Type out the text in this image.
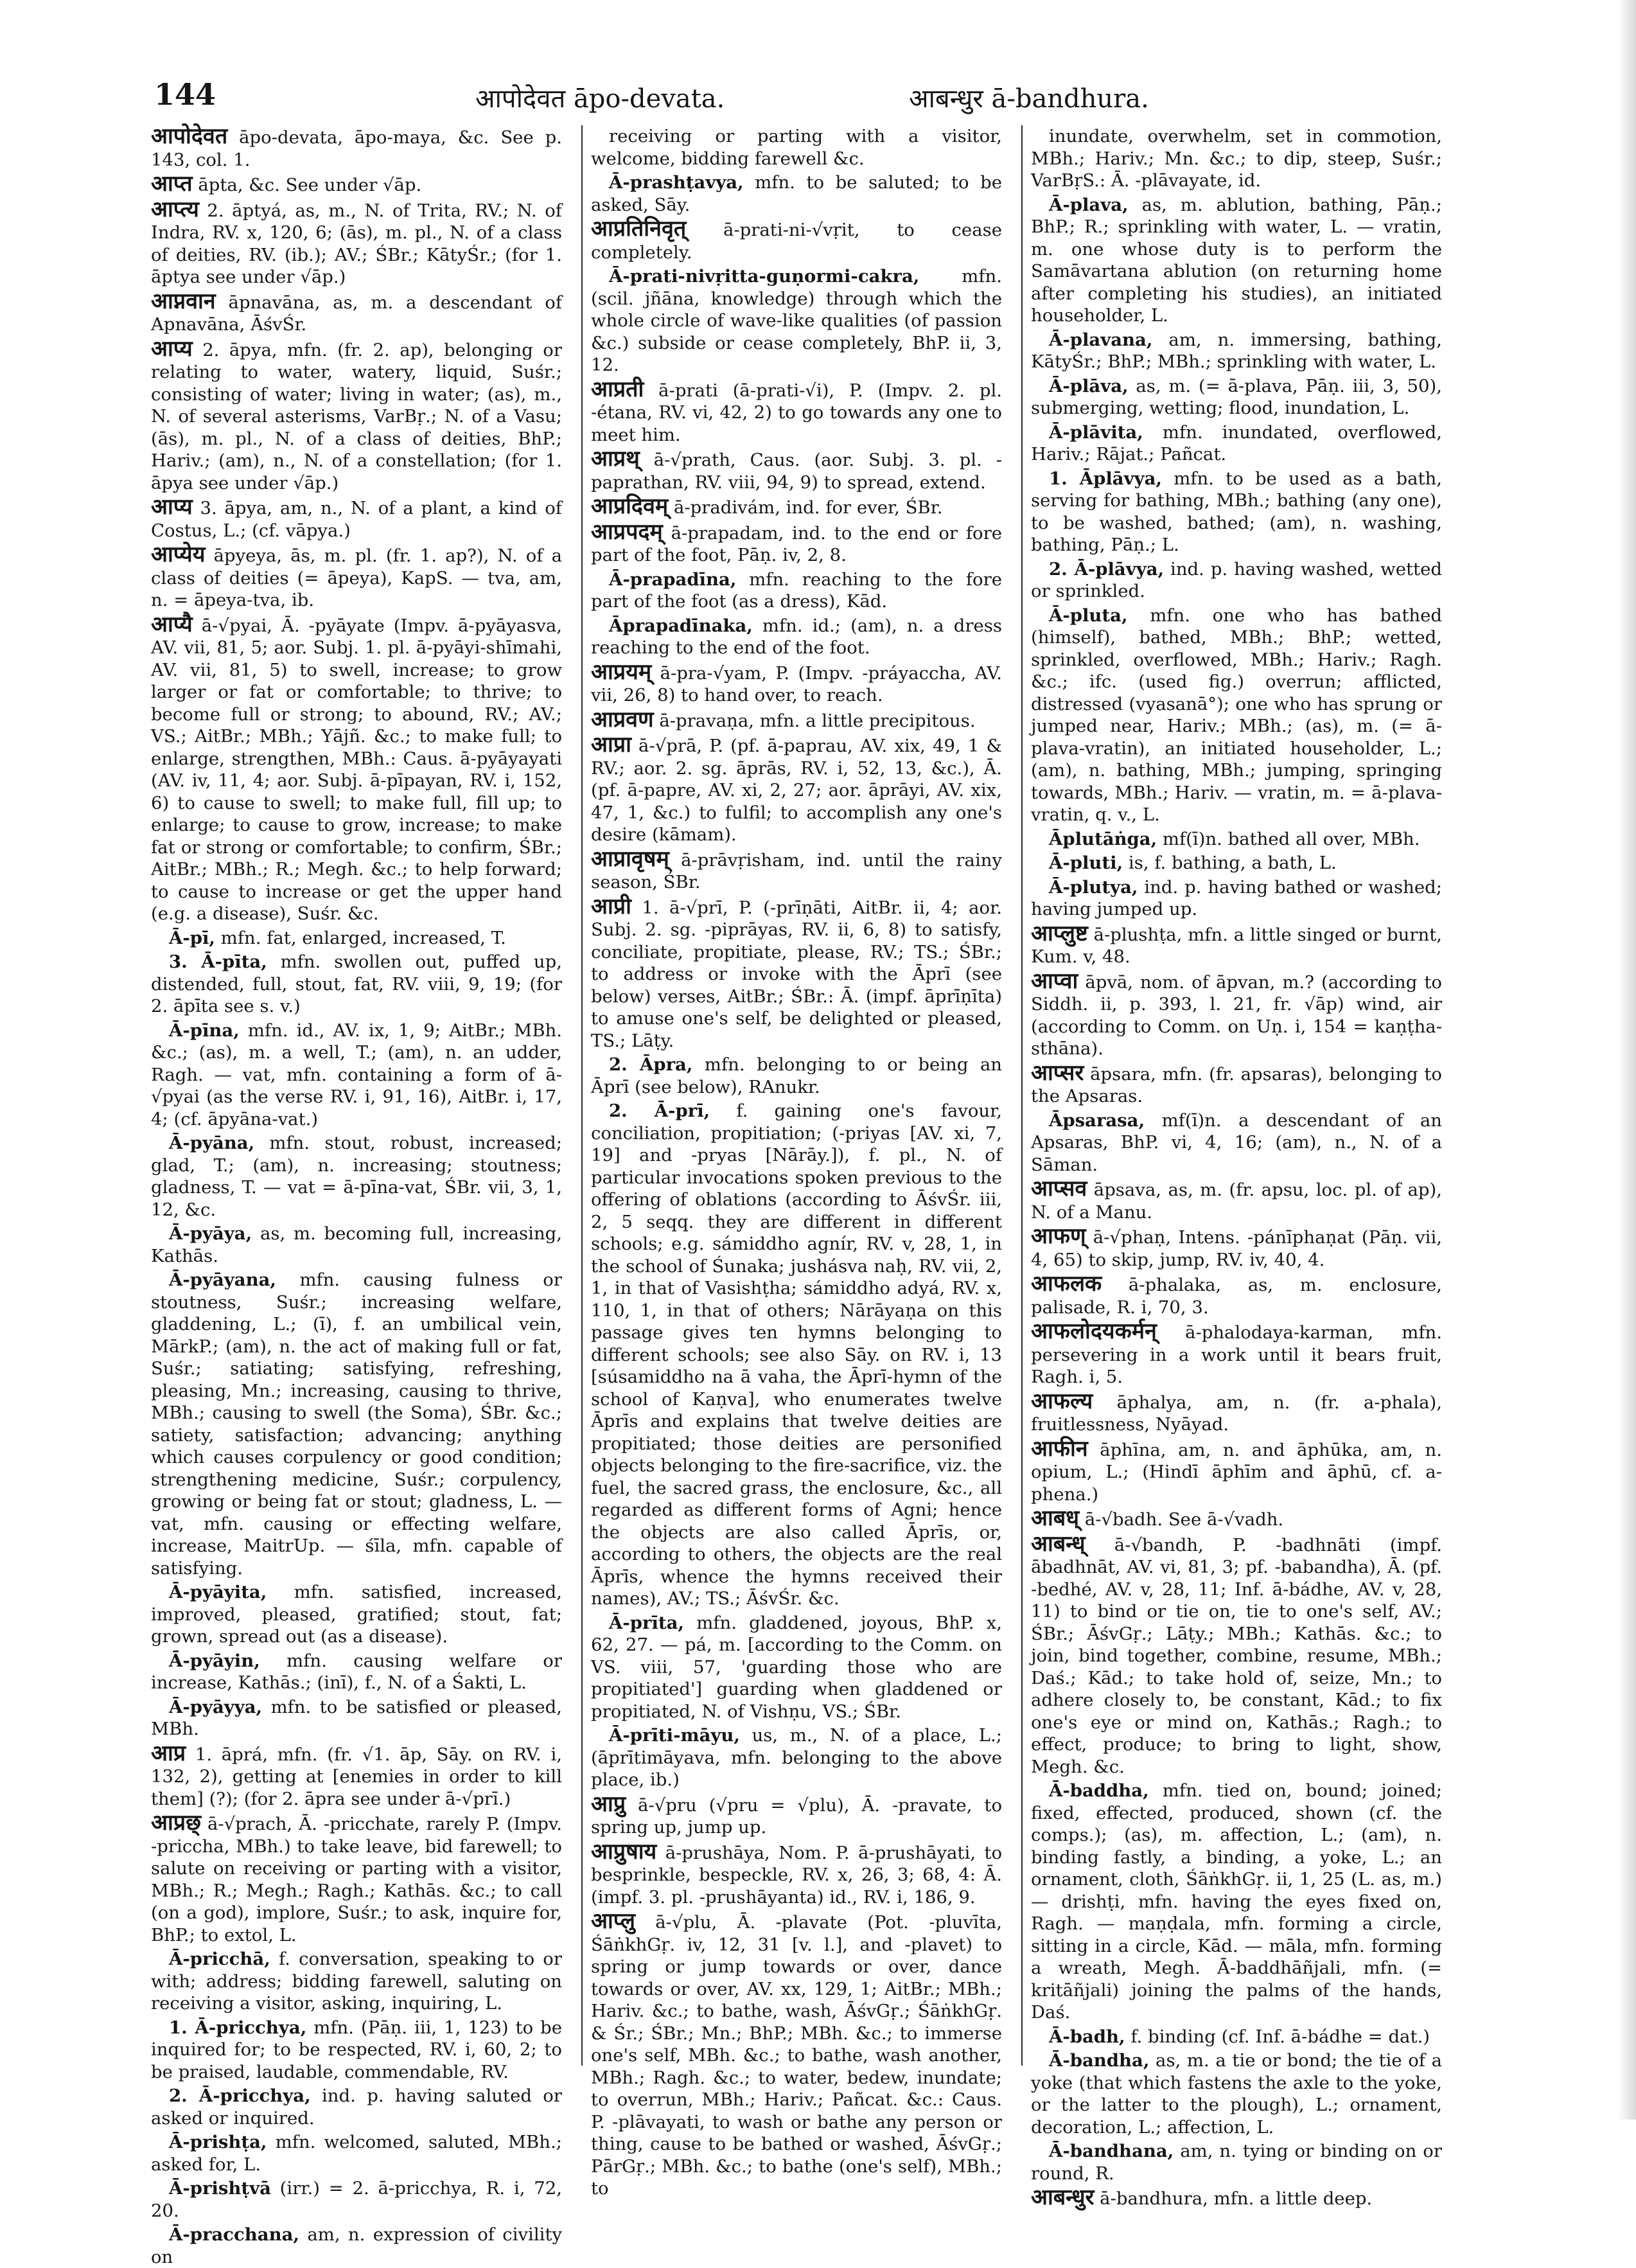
144	आपोदेवत āpo-devata.	आबन्धुर ā-bandhura.

आपोदेवत āpo-devata, āpo-maya, &c. See p. 143, col. 1.

आप्त āpta, &c. See under √āp.

आप्त्य 2. āptyá, as, m., N. of Trita, RV.; N. of Indra, RV. x, 120, 6; (ās), m. pl., N. of a class of deities, RV. (ib.); AV.; ŚBr.; KātyŚr.; (for 1. āptya see under √āp.)

आप्नवान āpnavāna, as, m. a descendant of Apnavāna, ĀśvŚr.

आप्य 2. āpya, mfn. (fr. 2. ap), belonging or relating to water, watery, liquid, Suśr.; consisting of water; living in water; (as), m., N. of several asterisms, VarBṛ.; N. of a Vasu; (ās), m. pl., N. of a class of deities, BhP.; Hariv.; (am), n., N. of a constellation; (for 1. āpya see under √āp.)

आप्य 3. āpya, am, n., N. of a plant, a kind of Costus, L.; (cf. vāpya.)

आप्येय āpyeya, ās, m. pl. (fr. 1. ap?), N. of a class of deities (= āpeya), KapS. — tva, am, n. = āpeya-tva, ib.

आप्यै ā-√pyai, Ā. -pyāyate (Impv. ā-pyāyasva, AV. vii, 81, 5; aor. Subj. 1. pl. ā-pyāyi-shīmahi, AV. vii, 81, 5) to swell, increase; to grow larger or fat or comfortable; to thrive; to become full or strong; to abound, RV.; AV.; VS.; AitBr.; MBh.; Yājñ. &c.; to make full; to enlarge, strengthen, MBh.: Caus. ā-pyāyayati (AV. iv, 11, 4; aor. Subj. ā-pīpayan, RV. i, 152, 6) to cause to swell; to make full, fill up; to enlarge; to cause to grow, increase; to make fat or strong or comfortable; to confirm, ŚBr.; AitBr.; MBh.; R.; Megh. &c.; to help forward; to cause to increase or get the upper hand (e.g. a disease), Suśr. &c.

Ā-pī, mfn. fat, enlarged, increased, T.

3. Ā-pīta, mfn. swollen out, puffed up, distended, full, stout, fat, RV. viii, 9, 19; (for 2. āpīta see s. v.)

Ā-pīna, mfn. id., AV. ix, 1, 9; AitBr.; MBh. &c.; (as), m. a well, T.; (am), n. an udder, Ragh. — vat, mfn. containing a form of ā-√pyai (as the verse RV. i, 91, 16), AitBr. i, 17, 4; (cf. āpyāna-vat.)

Ā-pyāna, mfn. stout, robust, increased; glad, T.; (am), n. increasing; stoutness; gladness, T. — vat = ā-pīna-vat, ŚBr. vii, 3, 1, 12, &c.

Ā-pyāya, as, m. becoming full, increasing, Kathās.

Ā-pyāyana, mfn. causing fulness or stoutness, Suśr.; increasing welfare, gladdening, L.; (ī), f. an umbilical vein, MārkP.; (am), n. the act of making full or fat, Suśr.; satiating; satisfying, refreshing, pleasing, Mn.; increasing, causing to thrive, MBh.; causing to swell (the Soma), ŚBr. &c.; satiety, satisfaction; advancing; anything which causes corpulency or good condition; strengthening medicine, Suśr.; corpulency, growing or being fat or stout; gladness, L. — vat, mfn. causing or effecting welfare, increase, MaitrUp. — śīla, mfn. capable of satisfying.

Ā-pyāyita, mfn. satisfied, increased, improved, pleased, gratified; stout, fat; grown, spread out (as a disease).

Ā-pyāyin, mfn. causing welfare or increase, Kathās.; (inī), f., N. of a Śakti, L.

Ā-pyāyya, mfn. to be satisfied or pleased, MBh.

आप्र 1. āprá, mfn. (fr. √1. āp, Sāy. on RV. i, 132, 2), getting at [enemies in order to kill them] (?); (for 2. āpra see under ā-√prī.)

आप्रछ् ā-√prach, Ā. -pricchate, rarely P. (Impv. -priccha, MBh.) to take leave, bid farewell; to salute on receiving or parting with a visitor, MBh.; R.; Megh.; Ragh.; Kathās. &c.; to call (on a god), implore, Suśr.; to ask, inquire for, BhP.; to extol, L.

Ā-pricchā, f. conversation, speaking to or with; address; bidding farewell, saluting on receiving a visitor, asking, inquiring, L.

1. Ā-pricchya, mfn. (Pāṇ. iii, 1, 123) to be inquired for; to be respected, RV. i, 60, 2; to be praised, laudable, commendable, RV.

2. Ā-pricchya, ind. p. having saluted or asked or inquired.

Ā-prishṭa, mfn. welcomed, saluted, MBh.; asked for, L.

Ā-prishṭvā (irr.) = 2. ā-pricchya, R. i, 72, 20.

Ā-pracchana, am, n. expression of civility on

receiving or parting with a visitor, welcome, bidding farewell &c.

Ā-prashṭavya, mfn. to be saluted; to be asked, Sāy.

आप्रतिनिवृत् ā-prati-ni-√vṛit, to cease completely.

Ā-prati-nivṛitta-guṇormi-cakra, mfn. (scil. jñāna, knowledge) through which the whole circle of wave-like qualities (of passion &c.) subside or cease completely, BhP. ii, 3, 12.

आप्रती ā-prati (ā-prati-√i), P. (Impv. 2. pl. -étana, RV. vi, 42, 2) to go towards any one to meet him.

आप्रथ् ā-√prath, Caus. (aor. Subj. 3. pl. -paprathan, RV. viii, 94, 9) to spread, extend.

आप्रदिवम् ā-pradivám, ind. for ever, ŚBr.

आप्रपदम् ā-prapadam, ind. to the end or fore part of the foot, Pāṇ. iv, 2, 8.

Ā-prapadīna, mfn. reaching to the fore part of the foot (as a dress), Kād.

Āprapadīnaka, mfn. id.; (am), n. a dress reaching to the end of the foot.

आप्रयम् ā-pra-√yam, P. (Impv. -práyaccha, AV. vii, 26, 8) to hand over, to reach.

आप्रवण ā-pravaṇa, mfn. a little precipitous.

आप्रा ā-√prā, P. (pf. ā-paprau, AV. xix, 49, 1 & RV.; aor. 2. sg. āprās, RV. i, 52, 13, &c.), Ā. (pf. ā-papre, AV. xi, 2, 27; aor. āprāyi, AV. xix, 47, 1, &c.) to fulfil; to accomplish any one's desire (kāmam).

आप्रावृषम् ā-prāvṛisham, ind. until the rainy season, ŚBr.

आप्री 1. ā-√prī, P. (-prīṇāti, AitBr. ii, 4; aor. Subj. 2. sg. -piprāyas, RV. ii, 6, 8) to satisfy, conciliate, propitiate, please, RV.; TS.; ŚBr.; to address or invoke with the Āprī (see below) verses, AitBr.; ŚBr.: Ā. (impf. āprīṇīta) to amuse one's self, be delighted or pleased, TS.; Lāṭy.

2. Āpra, mfn. belonging to or being an Āprī (see below), RAnukr.

2. Ā-prī, f. gaining one's favour, conciliation, propitiation; (-priyas [AV. xi, 7, 19] and -pryas [Nārāy.]), f. pl., N. of particular invocations spoken previous to the offering of oblations (according to ĀśvŚr. iii, 2, 5 seqq. they are different in different schools; e.g. sámiddho agnír, RV. v, 28, 1, in the school of Śunaka; jushásva naḥ, RV. vii, 2, 1, in that of Vasishṭha; sámiddho adyá, RV. x, 110, 1, in that of others; Nārāyaṇa on this passage gives ten hymns belonging to different schools; see also Sāy. on RV. i, 13 [súsamiddho na ā vaha, the Āprī-hymn of the school of Kaṇva], who enumerates twelve Āprīs and explains that twelve deities are propitiated; those deities are personified objects belonging to the fire-sacrifice, viz. the fuel, the sacred grass, the enclosure, &c., all regarded as different forms of Agni; hence the objects are also called Āprīs, or, according to others, the objects are the real Āprīs, whence the hymns received their names), AV.; TS.; ĀśvŚr. &c.

Ā-prīta, mfn. gladdened, joyous, BhP. x, 62, 27. — pá, m. [according to the Comm. on VS. viii, 57, 'guarding those who are propitiated'] guarding when gladdened or propitiated, N. of Vishṇu, VS.; ŚBr.

Ā-prīti-māyu, us, m., N. of a place, L.; (āprītimāyava, mfn. belonging to the above place, ib.)

आप्रु ā-√pru (√pru = √plu), Ā. -pravate, to spring up, jump up.

आप्रुषाय ā-prushāya, Nom. P. ā-prushāyati, to besprinkle, bespeckle, RV. x, 26, 3; 68, 4: Ā. (impf. 3. pl. -prushāyanta) id., RV. i, 186, 9.

आप्लु ā-√plu, Ā. -plavate (Pot. -pluvīta, ŚāṅkhGṛ. iv, 12, 31 [v. l.], and -plavet) to spring or jump towards or over, dance towards or over, AV. xx, 129, 1; AitBr.; MBh.; Hariv. &c.; to bathe, wash, ĀśvGṛ.; ŚāṅkhGṛ. & Śr.; ŚBr.; Mn.; BhP.; MBh. &c.; to immerse one's self, MBh. &c.; to bathe, wash another, MBh.; Ragh. &c.; to water, bedew, inundate; to overrun, MBh.; Hariv.; Pañcat. &c.: Caus. P. -plāvayati, to wash or bathe any person or thing, cause to be bathed or washed, ĀśvGṛ.; PārGṛ.; MBh. &c.; to bathe (one's self), MBh.; to

inundate, overwhelm, set in commotion, MBh.; Hariv.; Mn. &c.; to dip, steep, Suśr.; VarBṛS.: Ā. -plāvayate, id.

Ā-plava, as, m. ablution, bathing, Pāṇ.; BhP.; R.; sprinkling with water, L. — vratin, m. one whose duty is to perform the Samāvartana ablution (on returning home after completing his studies), an initiated householder, L.

Ā-plavana, am, n. immersing, bathing, KātyŚr.; BhP.; MBh.; sprinkling with water, L.

Ā-plāva, as, m. (= ā-plava, Pāṇ. iii, 3, 50), submerging, wetting; flood, inundation, L.

Ā-plāvita, mfn. inundated, overflowed, Hariv.; Rājat.; Pañcat.

1. Āplāvya, mfn. to be used as a bath, serving for bathing, MBh.; bathing (any one), to be washed, bathed; (am), n. washing, bathing, Pāṇ.; L.

2. Ā-plāvya, ind. p. having washed, wetted or sprinkled.

Ā-pluta, mfn. one who has bathed (himself), bathed, MBh.; BhP.; wetted, sprinkled, overflowed, MBh.; Hariv.; Ragh. &c.; ifc. (used fig.) overrun; afflicted, distressed (vyasanā°); one who has sprung or jumped near, Hariv.; MBh.; (as), m. (= ā-plava-vratin), an initiated householder, L.; (am), n. bathing, MBh.; jumping, springing towards, MBh.; Hariv. — vratin, m. = ā-plava-vratin, q. v., L.

Āplutāṅga, mf(ī)n. bathed all over, MBh.

Ā-pluti, is, f. bathing, a bath, L.

Ā-plutya, ind. p. having bathed or washed; having jumped up.

आप्लुष्ट ā-plushṭa, mfn. a little singed or burnt, Kum. v, 48.

आप्वा āpvā, nom. of āpvan, m.? (according to Siddh. ii, p. 393, l. 21, fr. √āp) wind, air (according to Comm. on Uṇ. i, 154 = kaṇṭha-sthāna).

आप्सर āpsara, mfn. (fr. apsaras), belonging to the Apsaras.

Āpsarasa, mf(ī)n. a descendant of an Apsaras, BhP. vi, 4, 16; (am), n., N. of a Sāman.

आप्सव āpsava, as, m. (fr. apsu, loc. pl. of ap), N. of a Manu.

आफण् ā-√phaṇ, Intens. -pánīphaṇat (Pāṇ. vii, 4, 65) to skip, jump, RV. iv, 40, 4.

आफलक ā-phalaka, as, m. enclosure, palisade, R. i, 70, 3.

आफलोदयकर्मन् ā-phalodaya-karman, mfn. persevering in a work until it bears fruit, Ragh. i, 5.

आफल्य āphalya, am, n. (fr. a-phala), fruitlessness, Nyāyad.

आफीन āphīna, am, n. and āphūka, am, n. opium, L.; (Hindī āphīm and āphū, cf. a-phena.)

आबध् ā-√badh. See ā-√vadh.

आबन्ध् ā-√bandh, P. -badhnāti (impf. ābadhnāt, AV. vi, 81, 3; pf. -babandha), Ā. (pf. -bedhé, AV. v, 28, 11; Inf. ā-bádhe, AV. v, 28, 11) to bind or tie on, tie to one's self, AV.; ŚBr.; ĀśvGṛ.; Lāṭy.; MBh.; Kathās. &c.; to join, bind together, combine, resume, MBh.; Daś.; Kād.; to take hold of, seize, Mn.; to adhere closely to, be constant, Kād.; to fix one's eye or mind on, Kathās.; Ragh.; to effect, produce; to bring to light, show, Megh. &c.

Ā-baddha, mfn. tied on, bound; joined; fixed, effected, produced, shown (cf. the comps.); (as), m. affection, L.; (am), n. binding fastly, a binding, a yoke, L.; an ornament, cloth, ŚāṅkhGṛ. ii, 1, 25 (L. as, m.) — drishṭi, mfn. having the eyes fixed on, Ragh. — maṇḍala, mfn. forming a circle, sitting in a circle, Kād. — māla, mfn. forming a wreath, Megh. Ā-baddhāñjali, mfn. (= kritāñjali) joining the palms of the hands, Daś.

Ā-badh, f. binding (cf. Inf. ā-bádhe = dat.)

Ā-bandha, as, m. a tie or bond; the tie of a yoke (that which fastens the axle to the yoke, or the latter to the plough), L.; ornament, decoration, L.; affection, L.

Ā-bandhana, am, n. tying or binding on or round, R.

आबन्धुर ā-bandhura, mfn. a little deep.
